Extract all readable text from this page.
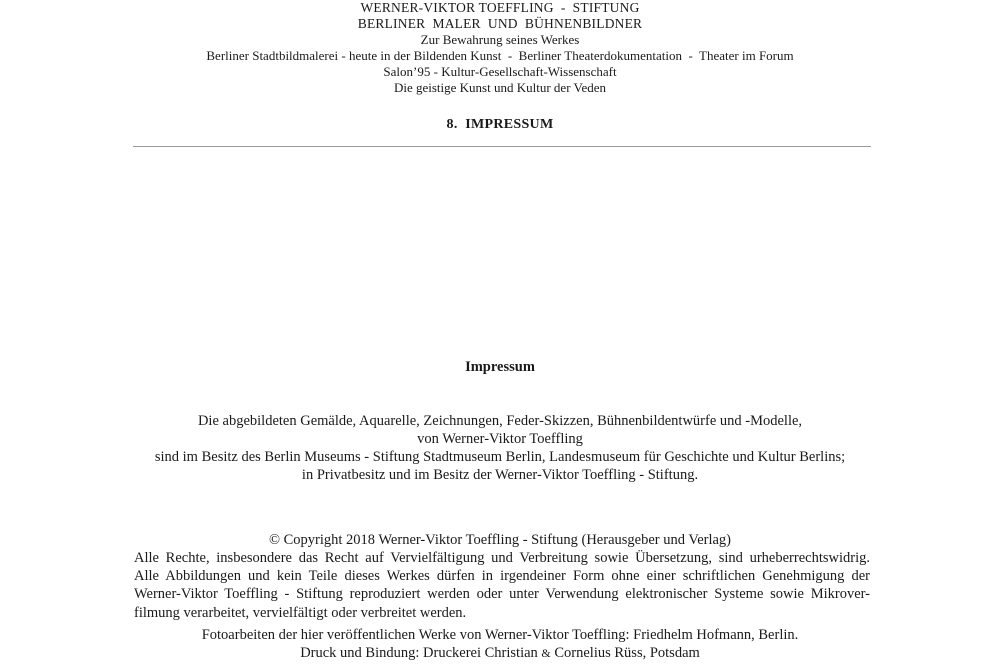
WERNER-VIKTOR TOEFFLING  -  STIFTUNG
BERLINER  MALER  UND  BÜHNENBILDNER
Zur Bewahrung seines Werkes
Berliner Stadtbildmalerei - heute in der Bildenden Kunst  -  Berliner Theaterdokumentation  -  Theater im Forum
Salon’95 - Kultur-Gesellschaft-Wissenschaft
Die geistige Kunst und Kultur der Veden
8.  IMPRESSUM
Impressum
Die abgebildeten Gemälde, Aquarelle, Zeichnungen, Feder-Skizzen, Bühnenbildentwürfe und -Modelle,
von Werner-Viktor Toeffling
sind im Besitz des Berlin Museums - Stiftung Stadtmuseum Berlin, Landesmuseum für Geschichte und Kultur Berlins;
in Privatbesitz und im Besitz der Werner-Viktor Toeffling - Stiftung.
© Copyright 2018 Werner-Viktor Toeffling - Stiftung (Herausgeber und Verlag)
Alle Rechte, insbesondere das Recht auf Vervielfältigung und Verbreitung sowie Übersetzung, sind urheberrechtswidrig.
Alle Abbildungen und kein Teile dieses Werkes dürfen in irgendeiner Form ohne einer schriftlichen Genehmigung der
Werner-Viktor Toeffling - Stiftung reproduziert werden oder unter Verwendung elektronischer Systeme sowie Mikrover-
filmung verarbeitet, vervielfältigt oder verbreitet werden.
Fotoarbeiten der hier veröffentlichen Werke von Werner-Viktor Toeffling: Friedhelm Hofmann, Berlin.
Druck und Bindung: Druckerei Christian & Cornelius Rüss, Potsdam
